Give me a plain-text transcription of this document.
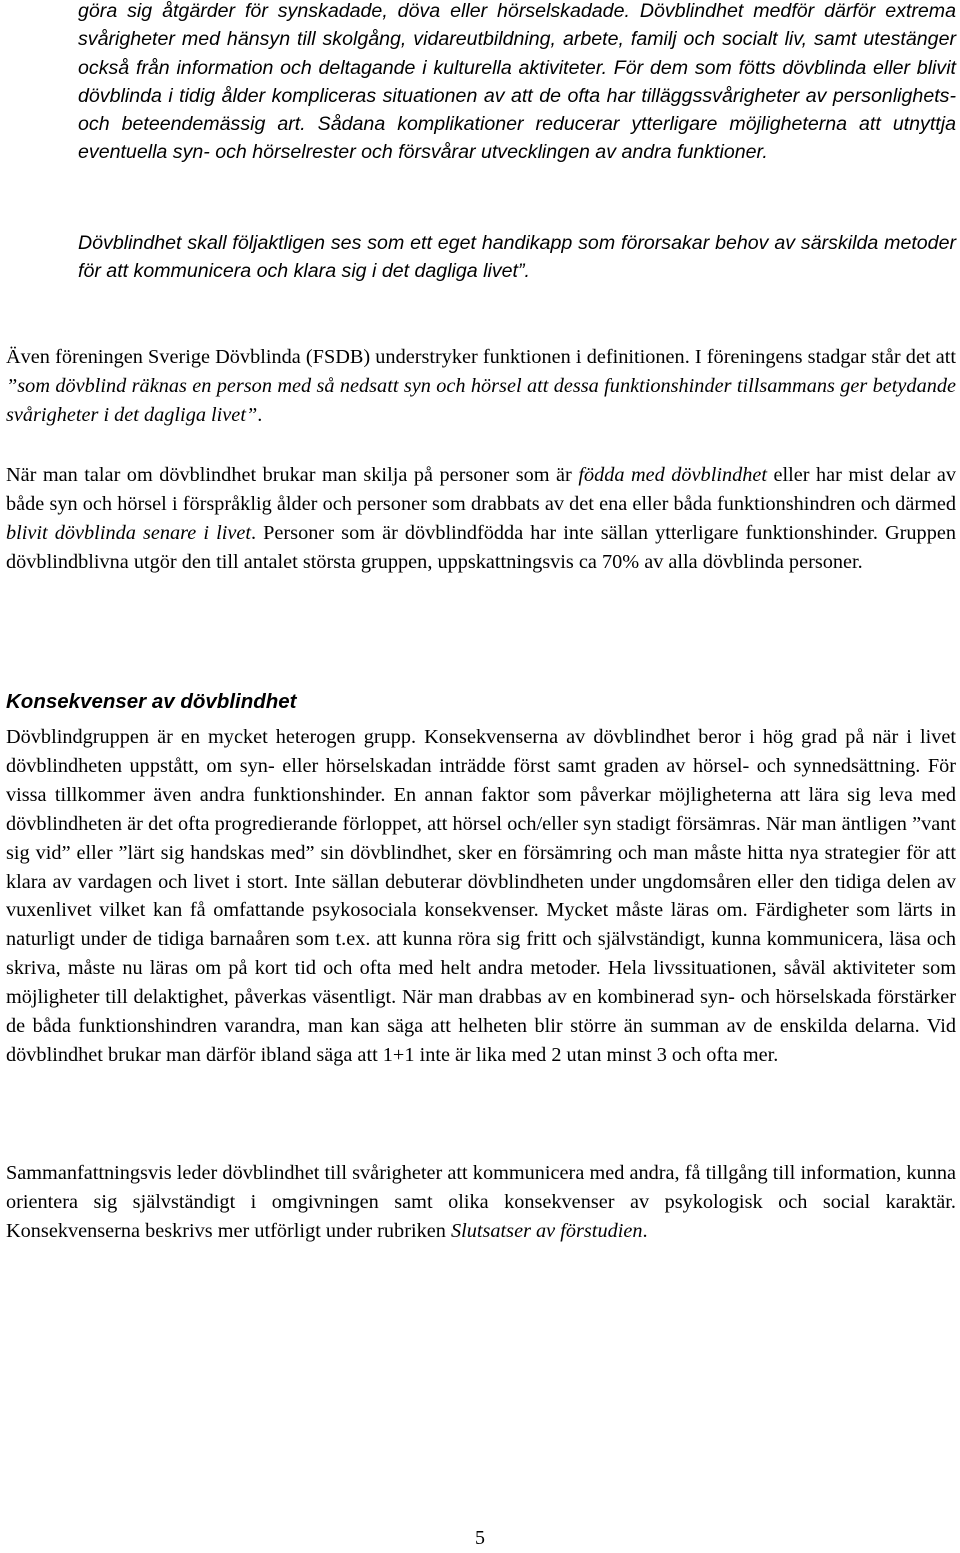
göra sig åtgärder för synskadade, döva eller hörselskadade. Dövblindhet medför därför extrema svårigheter med hänsyn till skolgång, vidareutbildning, arbete, familj och socialt liv, samt utestänger också från information och deltagande i kulturella aktiviteter. För dem som fötts dövblinda eller blivit dövblinda i tidig ålder kompliceras situationen av att de ofta har tilläggssvårigheter av personlighets- och beteendemässig art. Sådana komplikationer reducerar ytterligare möjligheterna att utnyttja eventuella syn- och hörselrester och försvårar utvecklingen av andra funktioner.

Dövblindhet skall följaktligen ses som ett eget handikapp som förorsakar behov av särskilda metoder för att kommunicera och klara sig i det dagliga livet”.

Även föreningen Sverige Dövblinda (FSDB) understryker funktionen i definitionen. I föreningens stadgar står det att ”som dövblind räknas en person med så nedsatt syn och hörsel att dessa funktionshinder tillsammans ger betydande svårigheter i det dagliga livet”.

När man talar om dövblindhet brukar man skilja på personer som är födda med dövblindhet eller har mist delar av både syn och hörsel i förspråklig ålder och personer som drabbats av det ena eller båda funktionshindren och därmed blivit dövblinda senare i livet. Personer som är dövblindfödda har inte sällan ytterligare funktionshinder. Gruppen dövblindblivna utgör den till antalet största gruppen, uppskattningsvis ca 70% av alla dövblinda personer.

Konsekvenser av dövblindhet

Dövblindgruppen är en mycket heterogen grupp. Konsekvenserna av dövblindhet beror i hög grad på när i livet dövblindheten uppstått, om syn- eller hörselskadan inträdde först samt graden av hörsel- och synnedsättning. För vissa tillkommer även andra funktionshinder. En annan faktor som påverkar möjligheterna att lära sig leva med dövblindheten är det ofta progredierande förloppet, att hörsel och/eller syn stadigt försämras. När man äntligen ”vant sig vid” eller ”lärt sig handskas med” sin dövblindhet, sker en försämring och man måste hitta nya strategier för att klara av vardagen och livet i stort. Inte sällan debuterar dövblindheten under ungdomsåren eller den tidiga delen av vuxenlivet vilket kan få omfattande psykosociala konsekvenser. Mycket måste läras om. Färdigheter som lärts in naturligt under de tidiga barnaåren som t.ex. att kunna röra sig fritt och självständigt, kunna kommunicera, läsa och skriva, måste nu läras om på kort tid och ofta med helt andra metoder. Hela livssituationen, såväl aktiviteter som möjligheter till delaktighet, påverkas väsentligt. När man drabbas av en kombinerad syn- och hörselskada förstärker de båda funktionshindren varandra, man kan säga att helheten blir större än summan av de enskilda delarna. Vid dövblindhet brukar man därför ibland säga att 1+1 inte är lika med 2 utan minst 3 och ofta mer.

Sammanfattningsvis leder dövblindhet till svårigheter att kommunicera med andra, få tillgång till information, kunna orientera sig självständigt i omgivningen samt olika konsekvenser av psykologisk och social karaktär. Konsekvenserna beskrivs mer utförligt under rubriken Slutsatser av förstudien.

5
